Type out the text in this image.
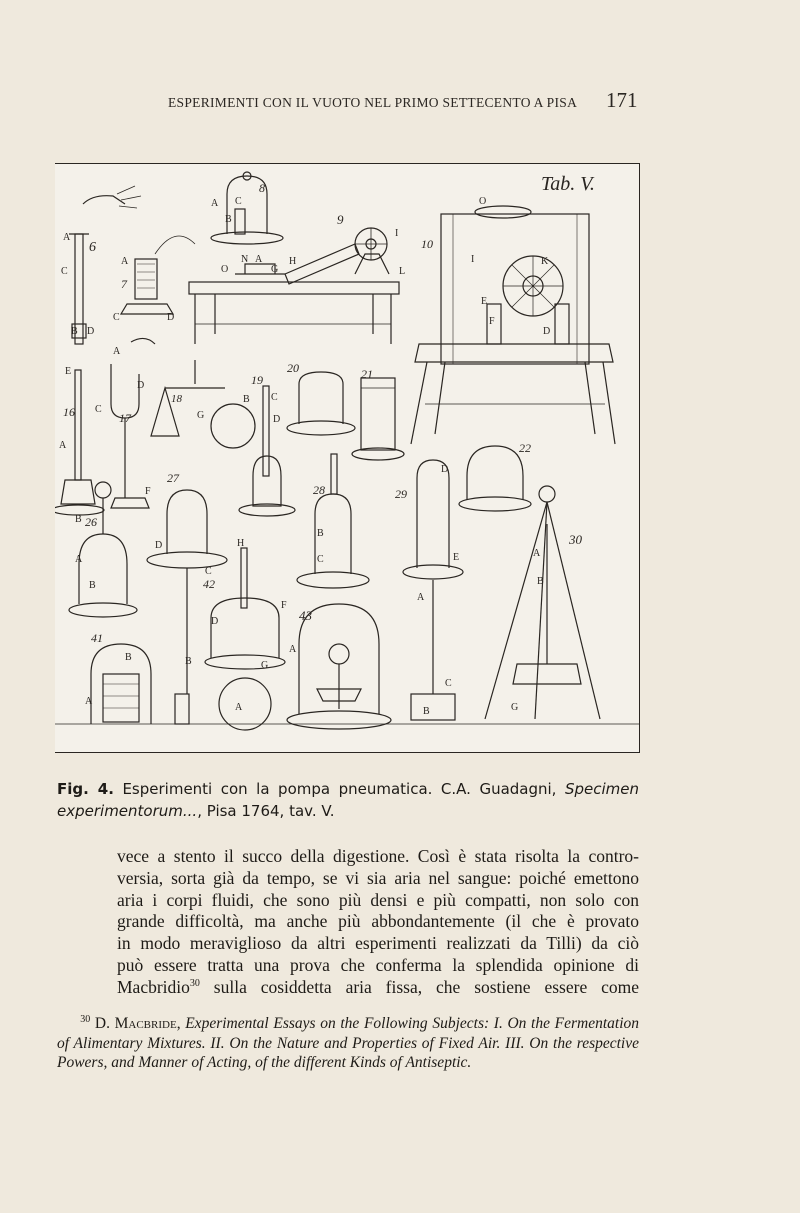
ESPERIMENTI CON IL VUOTO NEL PRIMO SETTECENTO A PISA 171
Tab. V.
6
A
C
B D
7
A
C	D
8
A C
B	9
N A
O
H
G
I
L
10
O
I	K
E
F
D
16
E
A
B
17
A
D
C
F
18
G
B
19
C
D
20	21
22
26
A
B
27
D
C
28
B
C
29
D
E
A
C
B
30
A
B
G
41
B
A
42
H
F
D
B	G
A
43
A
Fig. 4. Esperimenti con la pompa pneumatica. C.A. Guadagni, Specimen experimentorum..., Pisa 1764, tav. V.

vece a stento il succo della digestione. Così è stata risolta la contro-

versia, sorta già da tempo, se vi sia aria nel sangue: poiché emettono

aria i corpi fluidi, che sono più densi e più compatti, non solo con

grande difficoltà, ma anche più abbondantemente (il che è provato

in modo meraviglioso da altri esperimenti realizzati da Tilli) da ciò

può essere tratta una prova che conferma la splendida opinione di

Macbridio$^{30}$ sulla cosiddetta aria fissa, che sostiene essere come

$^{30}$ D. Macbride, Experimental Essays on the Following Subjects: I. On the Fermentation of Alimentary Mixtures. II. On the Nature and Properties of Fixed Air. III. On the respective Powers, and Manner of Acting, of the different Kinds of Antiseptic.
